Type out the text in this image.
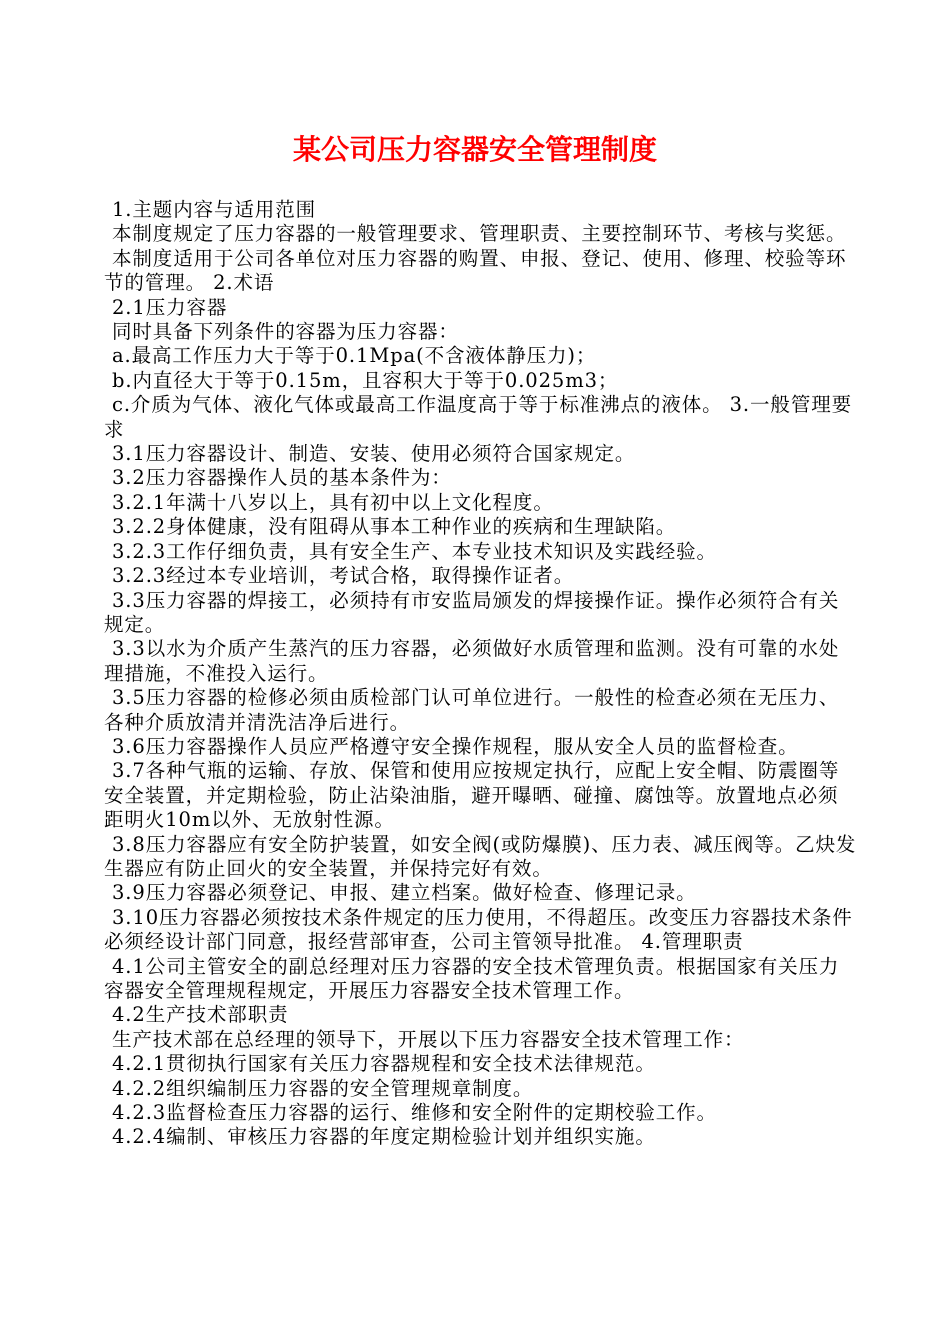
某公司压力容器安全管理制度

1.主题内容与适用范围

本制度规定了压力容器的一般管理要求、管理职责、主要控制环节、考核与奖惩。

本制度适用于公司各单位对压力容器的购置、申报、登记、使用、修理、校验等环节的管理。 2.术语

2.1压力容器

同时具备下列条件的容器为压力容器：

a.最高工作压力大于等于0.1Mpa(不含液体静压力)；

b.内直径大于等于0.15m，且容积大于等于0.025m3；

c.介质为气体、液化气体或最高工作温度高于等于标准沸点的液体。 3.一般管理要求

3.1压力容器设计、制造、安装、使用必须符合国家规定。

3.2压力容器操作人员的基本条件为：

3.2.1年满十八岁以上，具有初中以上文化程度。

3.2.2身体健康，没有阻碍从事本工种作业的疾病和生理缺陷。

3.2.3工作仔细负责，具有安全生产、本专业技术知识及实践经验。

3.2.3经过本专业培训，考试合格，取得操作证者。

3.3压力容器的焊接工，必须持有市安监局颁发的焊接操作证。操作必须符合有关规定。

3.3以水为介质产生蒸汽的压力容器，必须做好水质管理和监测。没有可靠的水处理措施，不准投入运行。

3.5压力容器的检修必须由质检部门认可单位进行。一般性的检查必须在无压力、各种介质放清并清洗洁净后进行。

3.6压力容器操作人员应严格遵守安全操作规程，服从安全人员的监督检查。

3.7各种气瓶的运输、存放、保管和使用应按规定执行，应配上安全帽、防震圈等安全装置，并定期检验，防止沾染油脂，避开曝晒、碰撞、腐蚀等。放置地点必须距明火10m以外、无放射性源。

3.8压力容器应有安全防护装置，如安全阀(或防爆膜)、压力表、减压阀等。乙炔发生器应有防止回火的安全装置，并保持完好有效。

3.9压力容器必须登记、申报、建立档案。做好检查、修理记录。

3.10压力容器必须按技术条件规定的压力使用，不得超压。改变压力容器技术条件必须经设计部门同意，报经营部审查，公司主管领导批准。 4.管理职责

4.1公司主管安全的副总经理对压力容器的安全技术管理负责。根据国家有关压力容器安全管理规程规定，开展压力容器安全技术管理工作。

4.2生产技术部职责

生产技术部在总经理的领导下，开展以下压力容器安全技术管理工作：

4.2.1贯彻执行国家有关压力容器规程和安全技术法律规范。

4.2.2组织编制压力容器的安全管理规章制度。

4.2.3监督检查压力容器的运行、维修和安全附件的定期校验工作。

4.2.4编制、审核压力容器的年度定期检验计划并组织实施。
